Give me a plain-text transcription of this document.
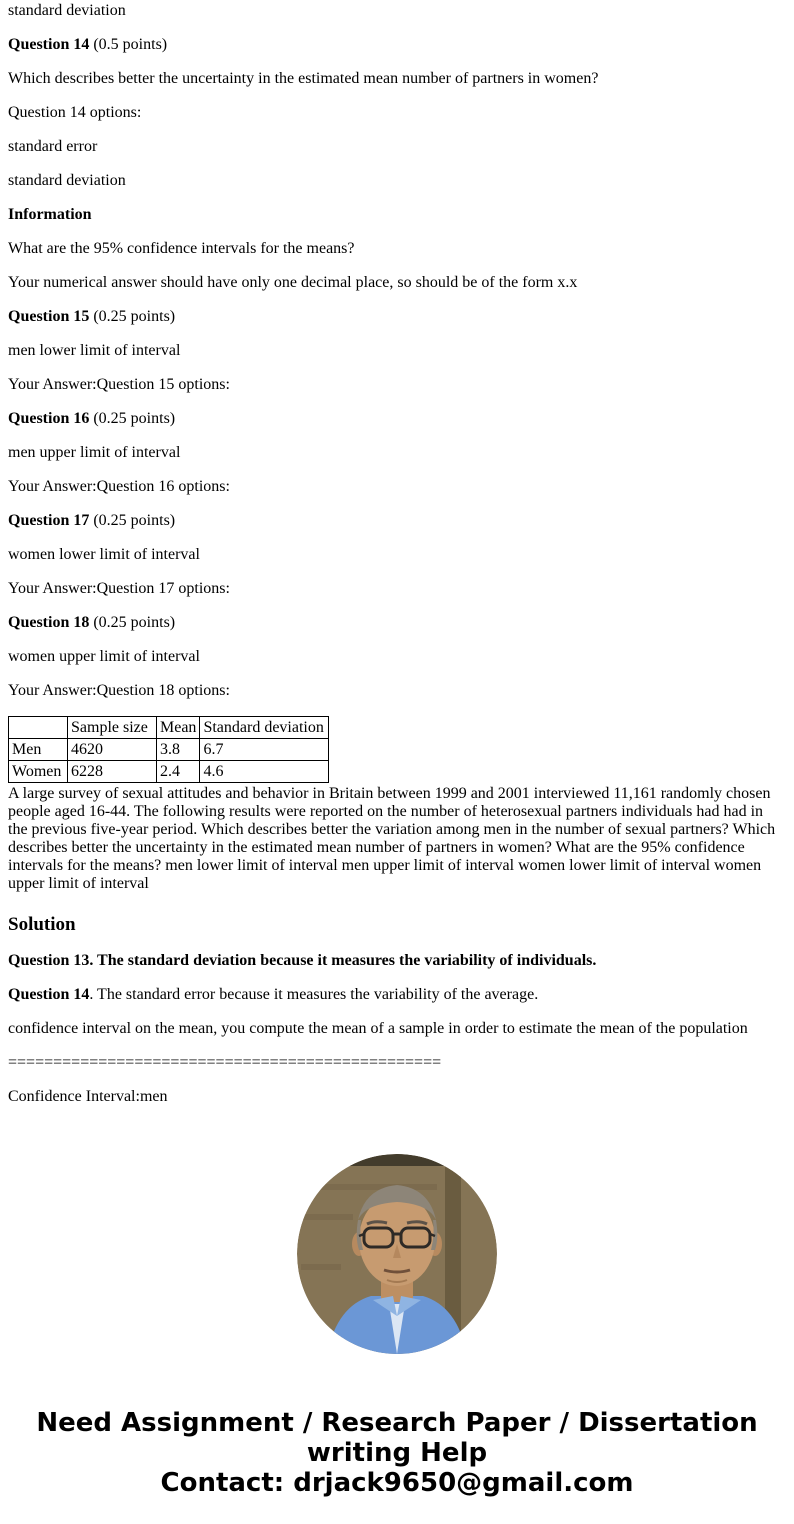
standard deviation

Question 14 (0.5 points)

Which describes better the uncertainty in the estimated mean number of partners in women?

Question 14 options:

standard error

standard deviation

Information

What are the 95% confidence intervals for the means?

Your numerical answer should have only one decimal place, so should be of the form x.x

Question 15 (0.25 points)

men lower limit of interval

Your Answer:Question 15 options:

Question 16 (0.25 points)

men upper limit of interval

Your Answer:Question 16 options:

Question 17 (0.25 points)

women lower limit of interval

Your Answer:Question 17 options:

Question 18 (0.25 points)

women upper limit of interval

Your Answer:Question 18 options:

	Sample size	Mean	Standard deviation
Men	4620	3.8	6.7
Women	6228	2.4	4.6

A large survey of sexual attitudes and behavior in Britain between 1999 and 2001 interviewed 11,161 randomly chosen people aged 16-44. The following results were reported on the number of heterosexual partners individuals had had in the previous five-year period. Which describes better the variation among men in the number of sexual partners? Which describes better the uncertainty in the estimated mean number of partners in women? What are the 95% confidence intervals for the means? men lower limit of interval men upper limit of interval women lower limit of interval women upper limit of interval

Solution

Question 13. The standard deviation because it measures the variability of individuals.

Question 14. The standard error because it measures the variability of the average.

confidence interval on the mean, you compute the mean of a sample in order to estimate the mean of the population

================================================

Confidence Interval:men

Need Assignment / Research Paper / Dissertation writing Help
Contact: drjack9650@gmail.com
